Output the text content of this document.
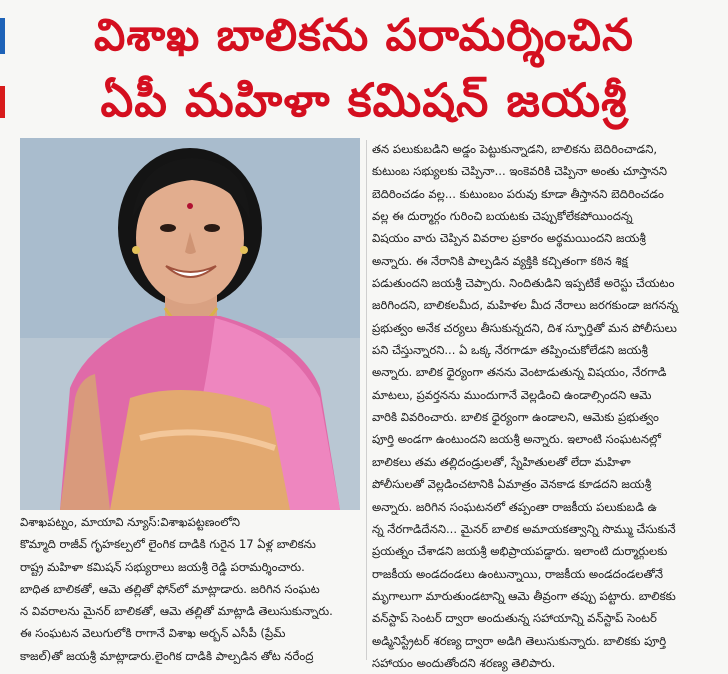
విశాఖ బాలికను పరామర్శించిన
ఏపీ మహిళా కమిషన్ జయశ్రీ
విశాఖపట్నం, మాయావి న్యూస్:విశాఖపట్టణంలోని
కొమ్మాది రాజీవ్ గృహకల్పలో లైంగిక దాడికి గురైన 17 ఏళ్ల బాలికను
రాష్ట్ర మహిళా కమిషన్ సభ్యురాలు జయశ్రీ రెడ్డి పరామర్శించారు.
బాధిత బాలికతో, ఆమె తల్లితో ఫోన్‌లో మాట్లాడారు. జరిగిన సంఘట
న వివరాలను మైనర్ బాలికతో, ఆమె తల్లితో మాట్లాడి తెలుసుకున్నారు.
ఈ సంఘటన వెలుగులోకి రాగానే విశాఖ అర్బన్ ఎసీపీ (ప్రేమ్
కాజల్)తో జయశ్రీ మాట్లాడారు.లైంగిక దాడికి పాల్పడిన తోట నరేంద్ర
తన పలుకుబడిని అడ్డం పెట్టుకున్నాడని, బాలికను బెదిరించాడని,
కుటుంబ సభ్యులకు చెప్పినా... ఇంకెవరికి చెప్పినా అంతు చూస్తానని
బెదిరించడం వల్ల... కుటుంబం పరువు కూడా తీస్తానని బెదిరించడం
వల్ల ఈ దుర్మార్గం గురించి బయటకు చెప్పుకోలేకపోయిందన్న
విషయం వారు చెప్పిన వివరాల ప్రకారం అర్థమయిందని జయశ్రీ
అన్నారు. ఈ నేరానికి పాల్పడిన వ్యక్తికి కచ్చితంగా కఠిన శిక్ష
పడుతుందని జయశ్రీ చెప్పారు. నిందితుడిని ఇప్పటికే అరెస్టు చేయటం
జరిగిందని, బాలికలమీద, మహిళల మీద నేరాలు జరగకుండా జగనన్న
ప్రభుత్వం అనేక చర్యలు తీసుకున్నదని, దిశ స్ఫూర్తితో మన పోలీసులు
పని చేస్తున్నారని... ఏ ఒక్క నేరగాడూ తప్పించుకోలేడని జయశ్రీ
అన్నారు. బాలిక ధైర్యంగా తనను వెంటాడుతున్న విషయం, నేరగాడి
మాటలు, ప్రవర్తనను ముందుగానే వెల్లడించి ఉండాల్సిందని ఆమె
వారికి వివరించారు. బాలిక ధైర్యంగా ఉండాలని, ఆమెకు ప్రభుత్వం
పూర్తి అండగా ఉంటుందని జయశ్రీ అన్నారు. ఇలాంటి సంఘటనల్లో
బాలికలు తమ తల్లిదండ్రులతో, స్నేహితులతో లేదా మహిళా
పోలీసులతో వెల్లడించటానికి ఏమాత్రం వెనకాడ కూడదని జయశ్రీ
అన్నారు. జరిగిన సంఘటనలో తప్పంతా రాజకీయ పలుకుబడి ఉ
న్న నేరగాడిదేనని... మైనర్ బాలిక అమాయకత్వాన్ని సొమ్ము చేసుకునే
ప్రయత్నం చేశాడని జయశ్రీ అభిప్రాయపడ్డారు. ఇలాంటి దుర్మార్గులకు
రాజకీయ అండదండలు ఉంటున్నాయి, రాజకీయ అండదండలతోనే
మృగాలుగా మారుతుండటాన్ని ఆమె తీవ్రంగా తప్పు పట్టారు. బాలికకు
వన్‌స్టాప్ సెంటర్ ద్వారా అందుతున్న సహాయాన్ని వన్‌స్టాప్ సెంటర్
అడ్మినిస్ట్రేటర్ శరణ్య ద్వారా అడిగి తెలుసుకున్నారు. బాలికకు పూర్తి
సహాయం అందుతోందని శరణ్య తెలిపారు.
